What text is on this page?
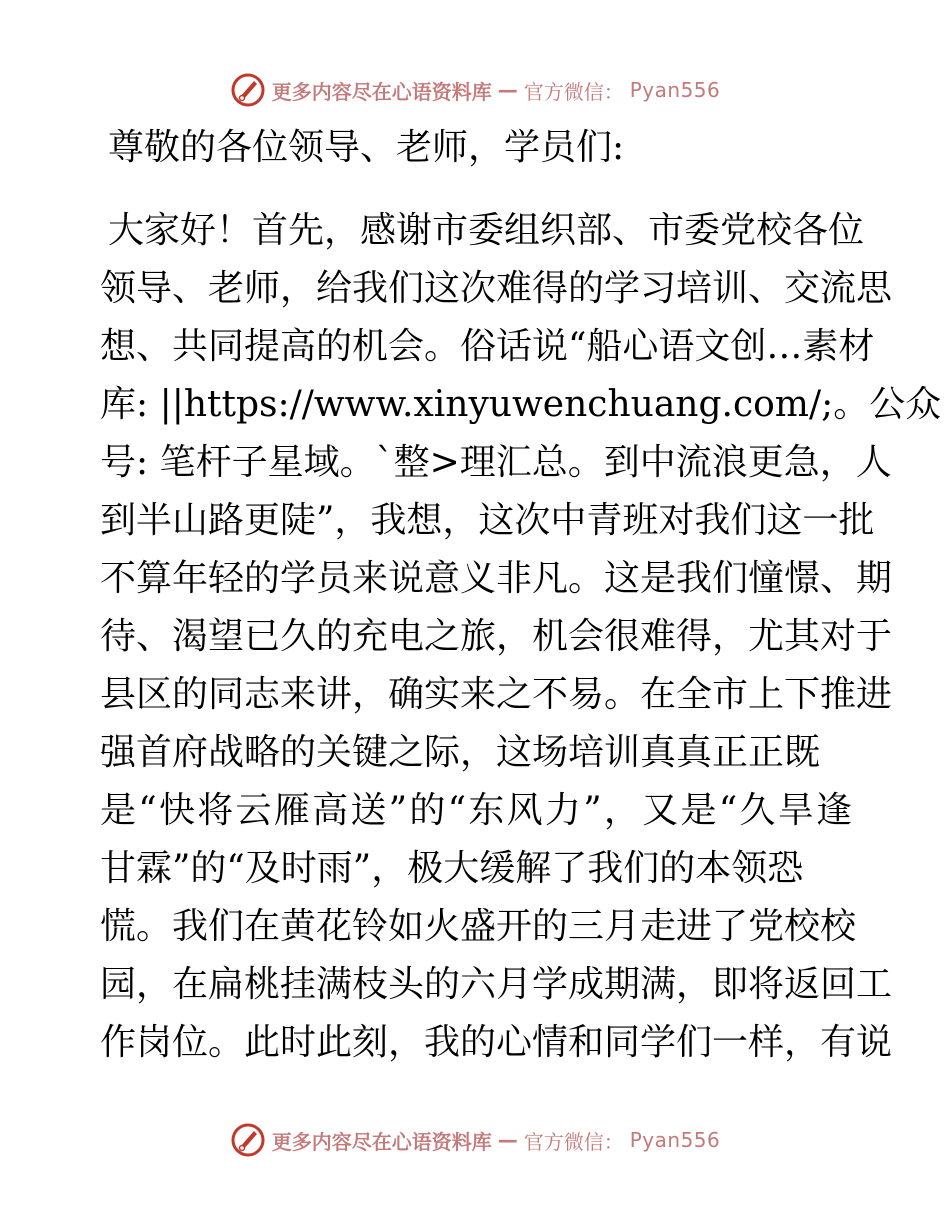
更多内容尽在心语资料库 — 官方微信： Pyan556
尊敬的各位领导、老师，学员们:
大家好！首先，感谢市委组织部、市委党校各位
领导、老师，给我们这次难得的学习培训、交流思
想、共同提高的机会。俗话说“船心语文创…素材
库: ||https://www.xinyuwenchuang.com/;。公众
号: 笔杆子星域。`整>理汇总。到中流浪更急，人
到半山路更陡”，我想，这次中青班对我们这一批
不算年轻的学员来说意义非凡。这是我们憧憬、期
待、渴望已久的充电之旅，机会很难得，尤其对于
县区的同志来讲，确实来之不易。在全市上下推进
强首府战略的关键之际，这场培训真真正正既
是“快将云雁高送”的“东风力”，又是“久旱逢
甘霖”的“及时雨”，极大缓解了我们的本领恐
慌。我们在黄花铃如火盛开的三月走进了党校校
园，在扁桃挂满枝头的六月学成期满，即将返回工
作岗位。此时此刻，我的心情和同学们一样，有说
更多内容尽在心语资料库 — 官方微信： Pyan556
